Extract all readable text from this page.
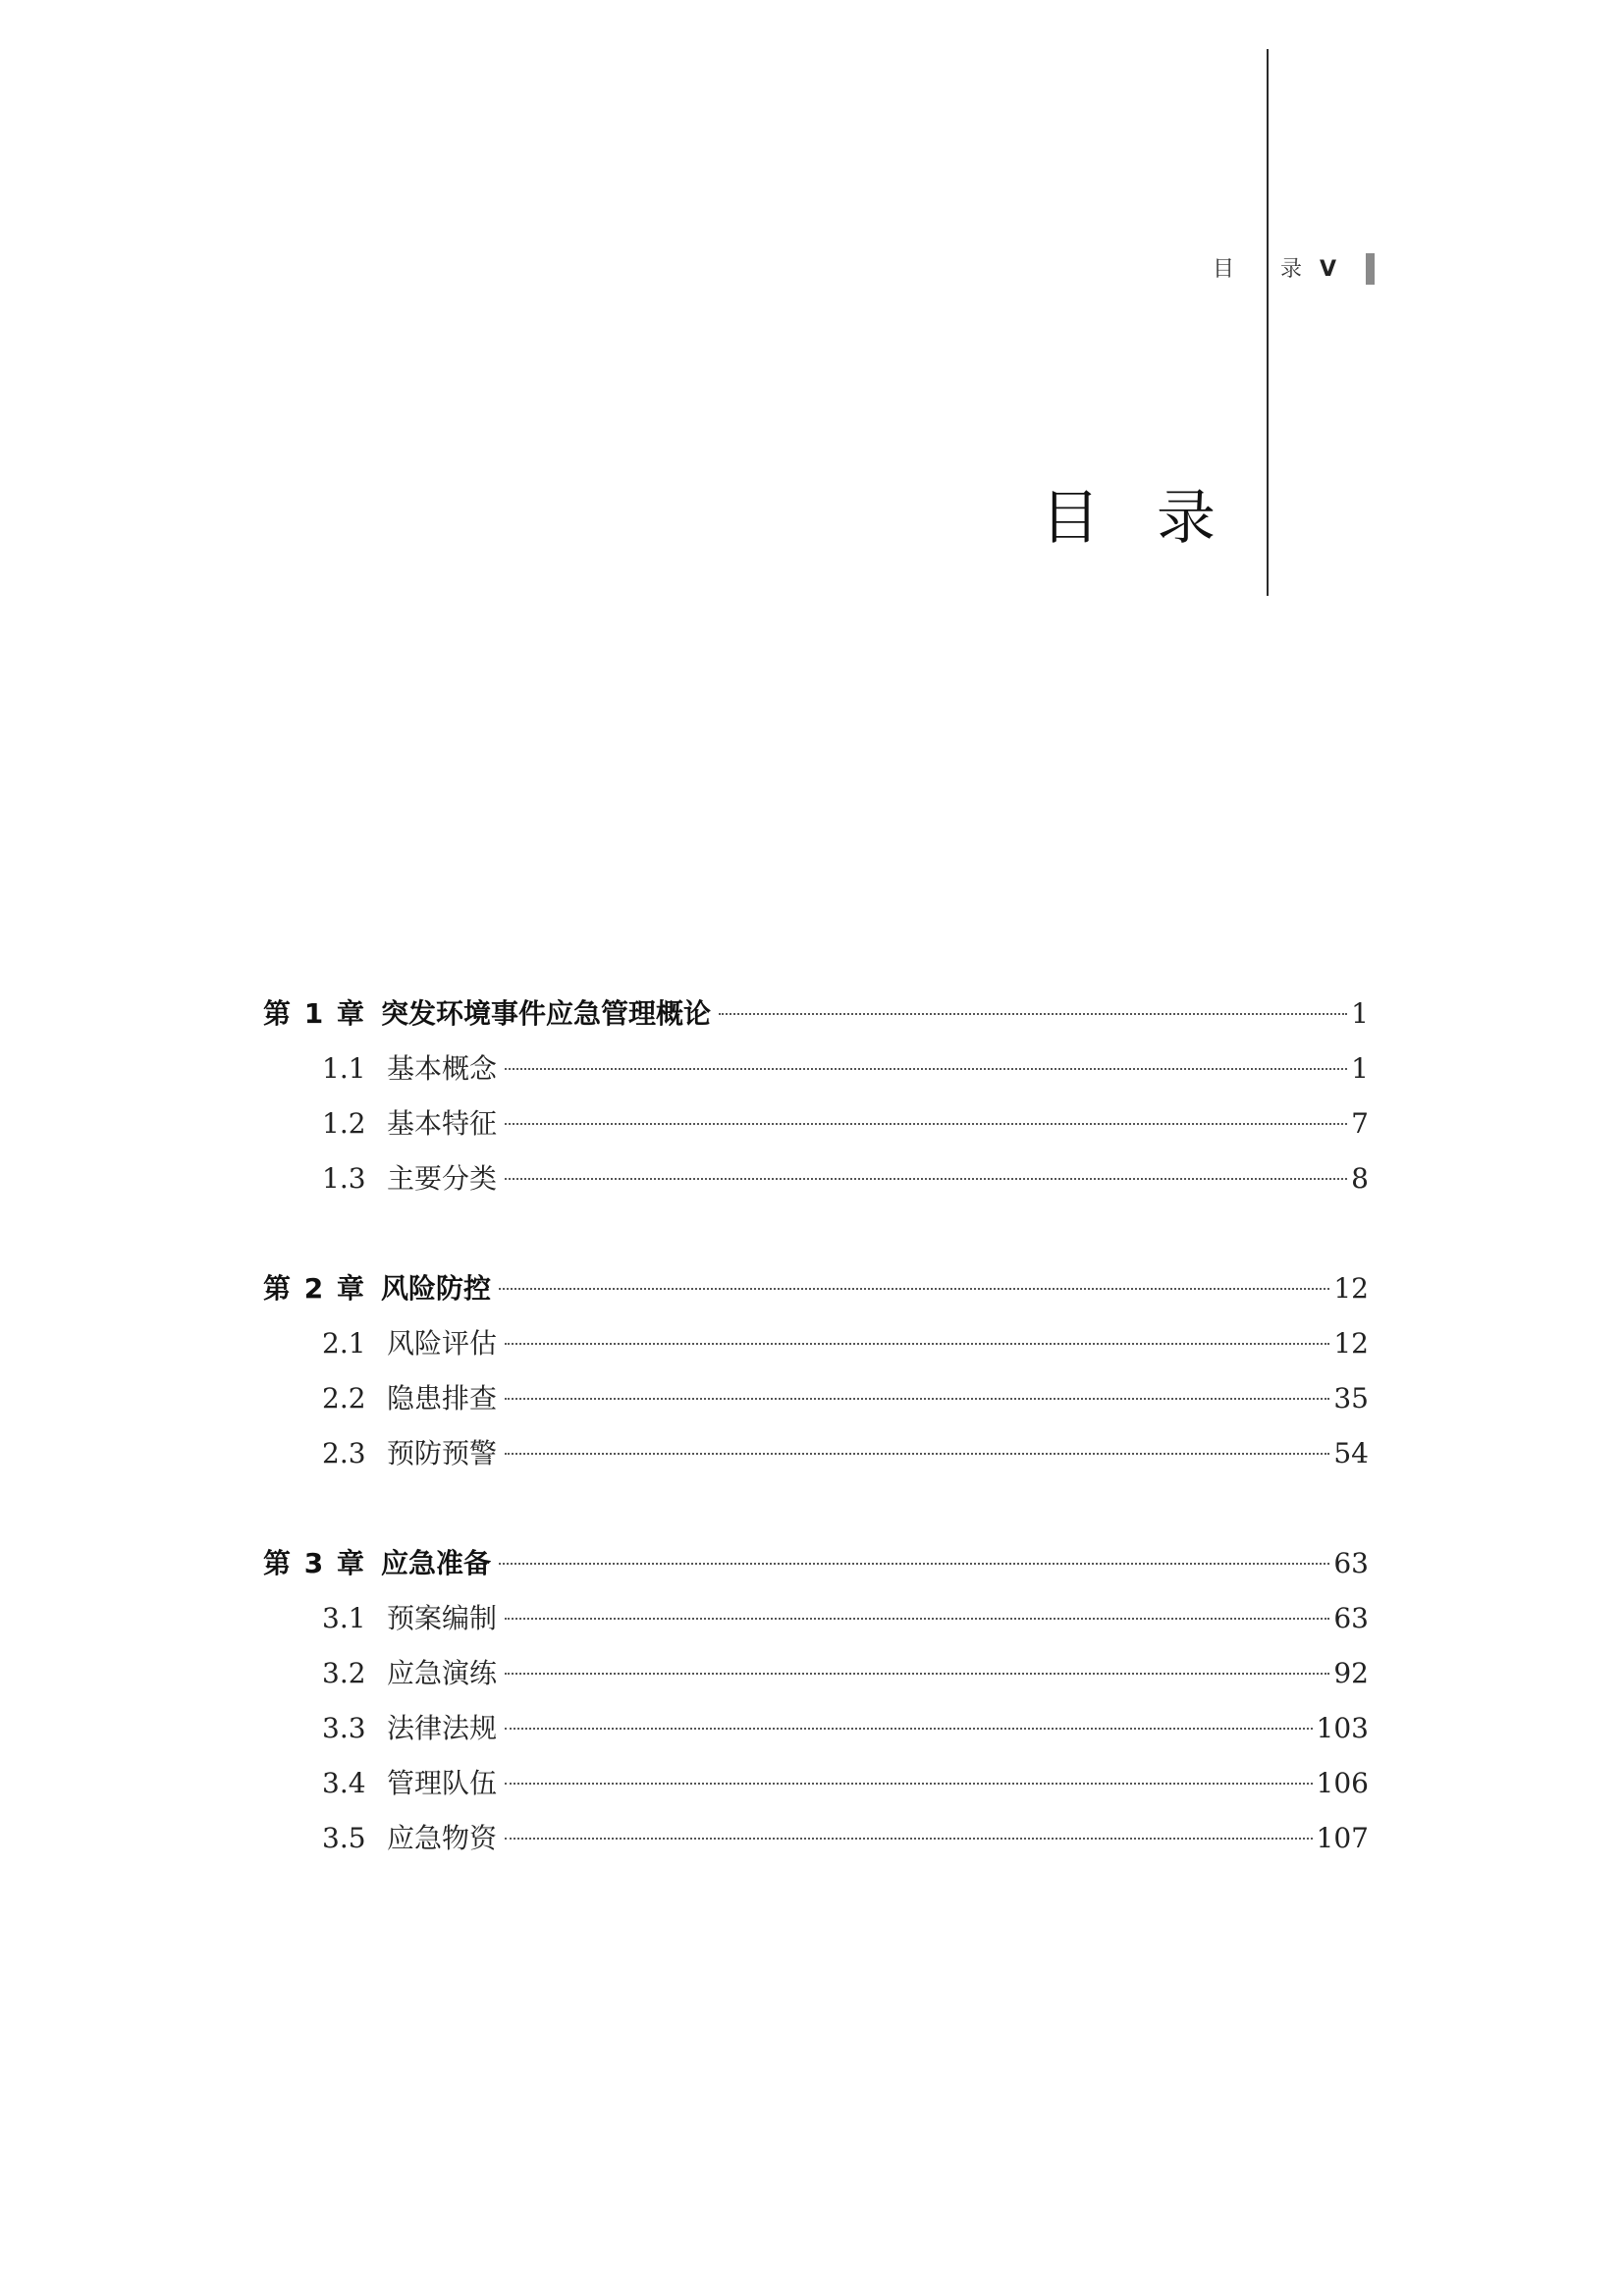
目 录
V
目录
第 1 章 突发环境事件应急管理概论	1
1.1 基本概念	1
1.2 基本特征	7
1.3 主要分类	8
第 2 章 风险防控	12
2.1 风险评估	12
2.2 隐患排查	35
2.3 预防预警	54
第 3 章 应急准备	63
3.1 预案编制	63
3.2 应急演练	92
3.3 法律法规	103
3.4 管理队伍	106
3.5 应急物资	107
